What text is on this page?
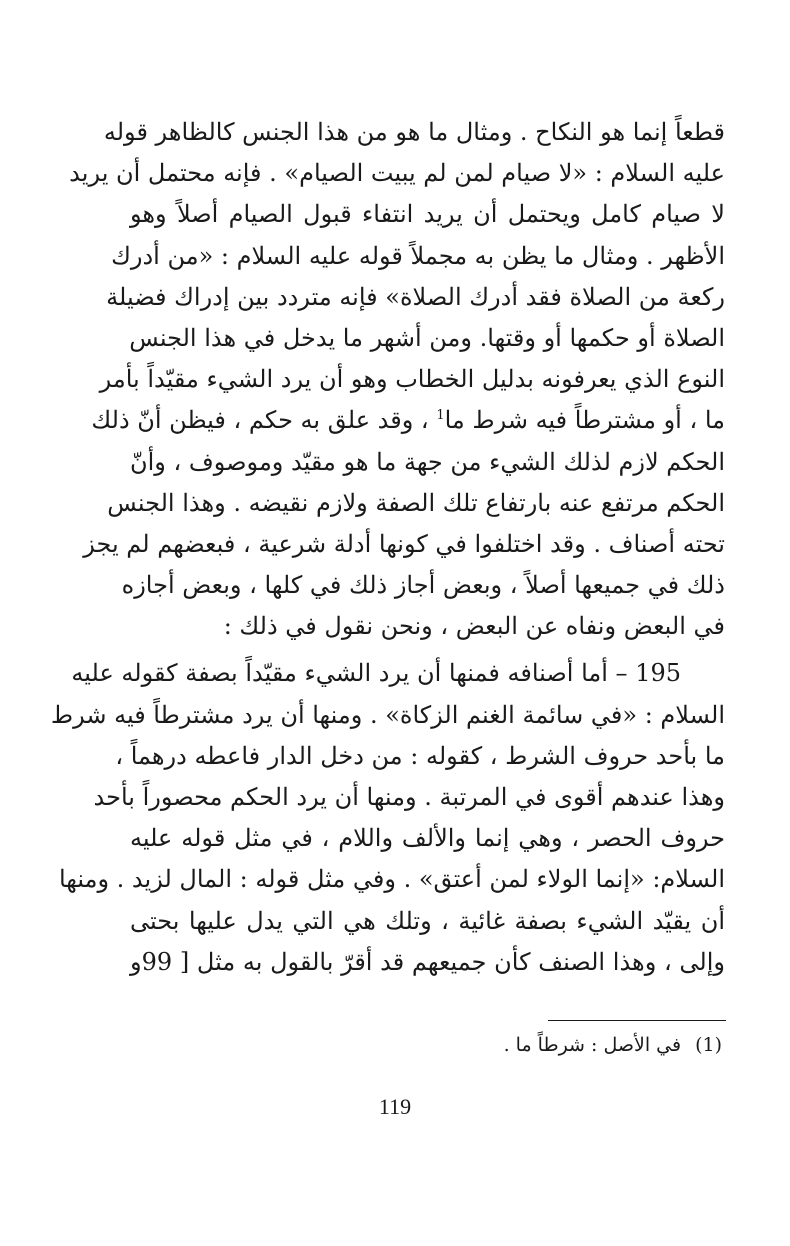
قطعاً إنما هو النكاح . ومثال ما هو من هذا الجنس كالظاهر قوله
عليه السلام : «لا صيام لمن لم يبيت الصيام» . فإنه محتمل أن يريد
لا صيام كامل ويحتمل أن يريد انتفاء قبول الصيام أصلاً وهو
الأظهر . ومثال ما يظن به مجملاً قوله عليه السلام : «من أدرك
ركعة من الصلاة فقد أدرك الصلاة» فإنه متردد بين إدراك فضيلة
الصلاة أو حكمها أو وقتها. ومن أشهر ما يدخل في هذا الجنس
النوع الذي يعرفونه بدليل الخطاب وهو أن يرد الشيء مقيّداً بأمر
ما ، أو مشترطاً فيه شرط ما$^1$ ، وقد علق به حكم ، فيظن أنّ ذلك
الحكم لازم لذلك الشيء من جهة ما هو مقيّد وموصوف ، وأنّ
الحكم مرتفع عنه بارتفاع تلك الصفة ولازم نقيضه . وهذا الجنس
تحته أصناف . وقد اختلفوا في كونها أدلة شرعية ، فبعضهم لم يجز
ذلك في جميعها أصلاً ، وبعض أجاز ذلك في كلها ، وبعض أجازه
في البعض ونفاه عن البعض ، ونحن نقول في ذلك :
195 – أما أصنافه فمنها أن يرد الشيء مقيّداً بصفة كقوله عليه
السلام : «في سائمة الغنم الزكاة» . ومنها أن يرد مشترطاً فيه شرط
ما بأحد حروف الشرط ، كقوله : من دخل الدار فاعطه درهماً ،
وهذا عندهم أقوى في المرتبة . ومنها أن يرد الحكم محصوراً بأحد
حروف الحصر ، وهي إنما والألف واللام ، في مثل قوله عليه
السلام: «إنما الولاء لمن أعتق» . وفي مثل قوله : المال لزيد . ومنها
أن يقيّد الشيء بصفة غائية ، وتلك هي التي يدل عليها بحتى
وإلى ، وهذا الصنف كأن جميعهم قد أقرّ بالقول به مثل [ 99و
(1)في الأصل : شرطاً ما .
119
